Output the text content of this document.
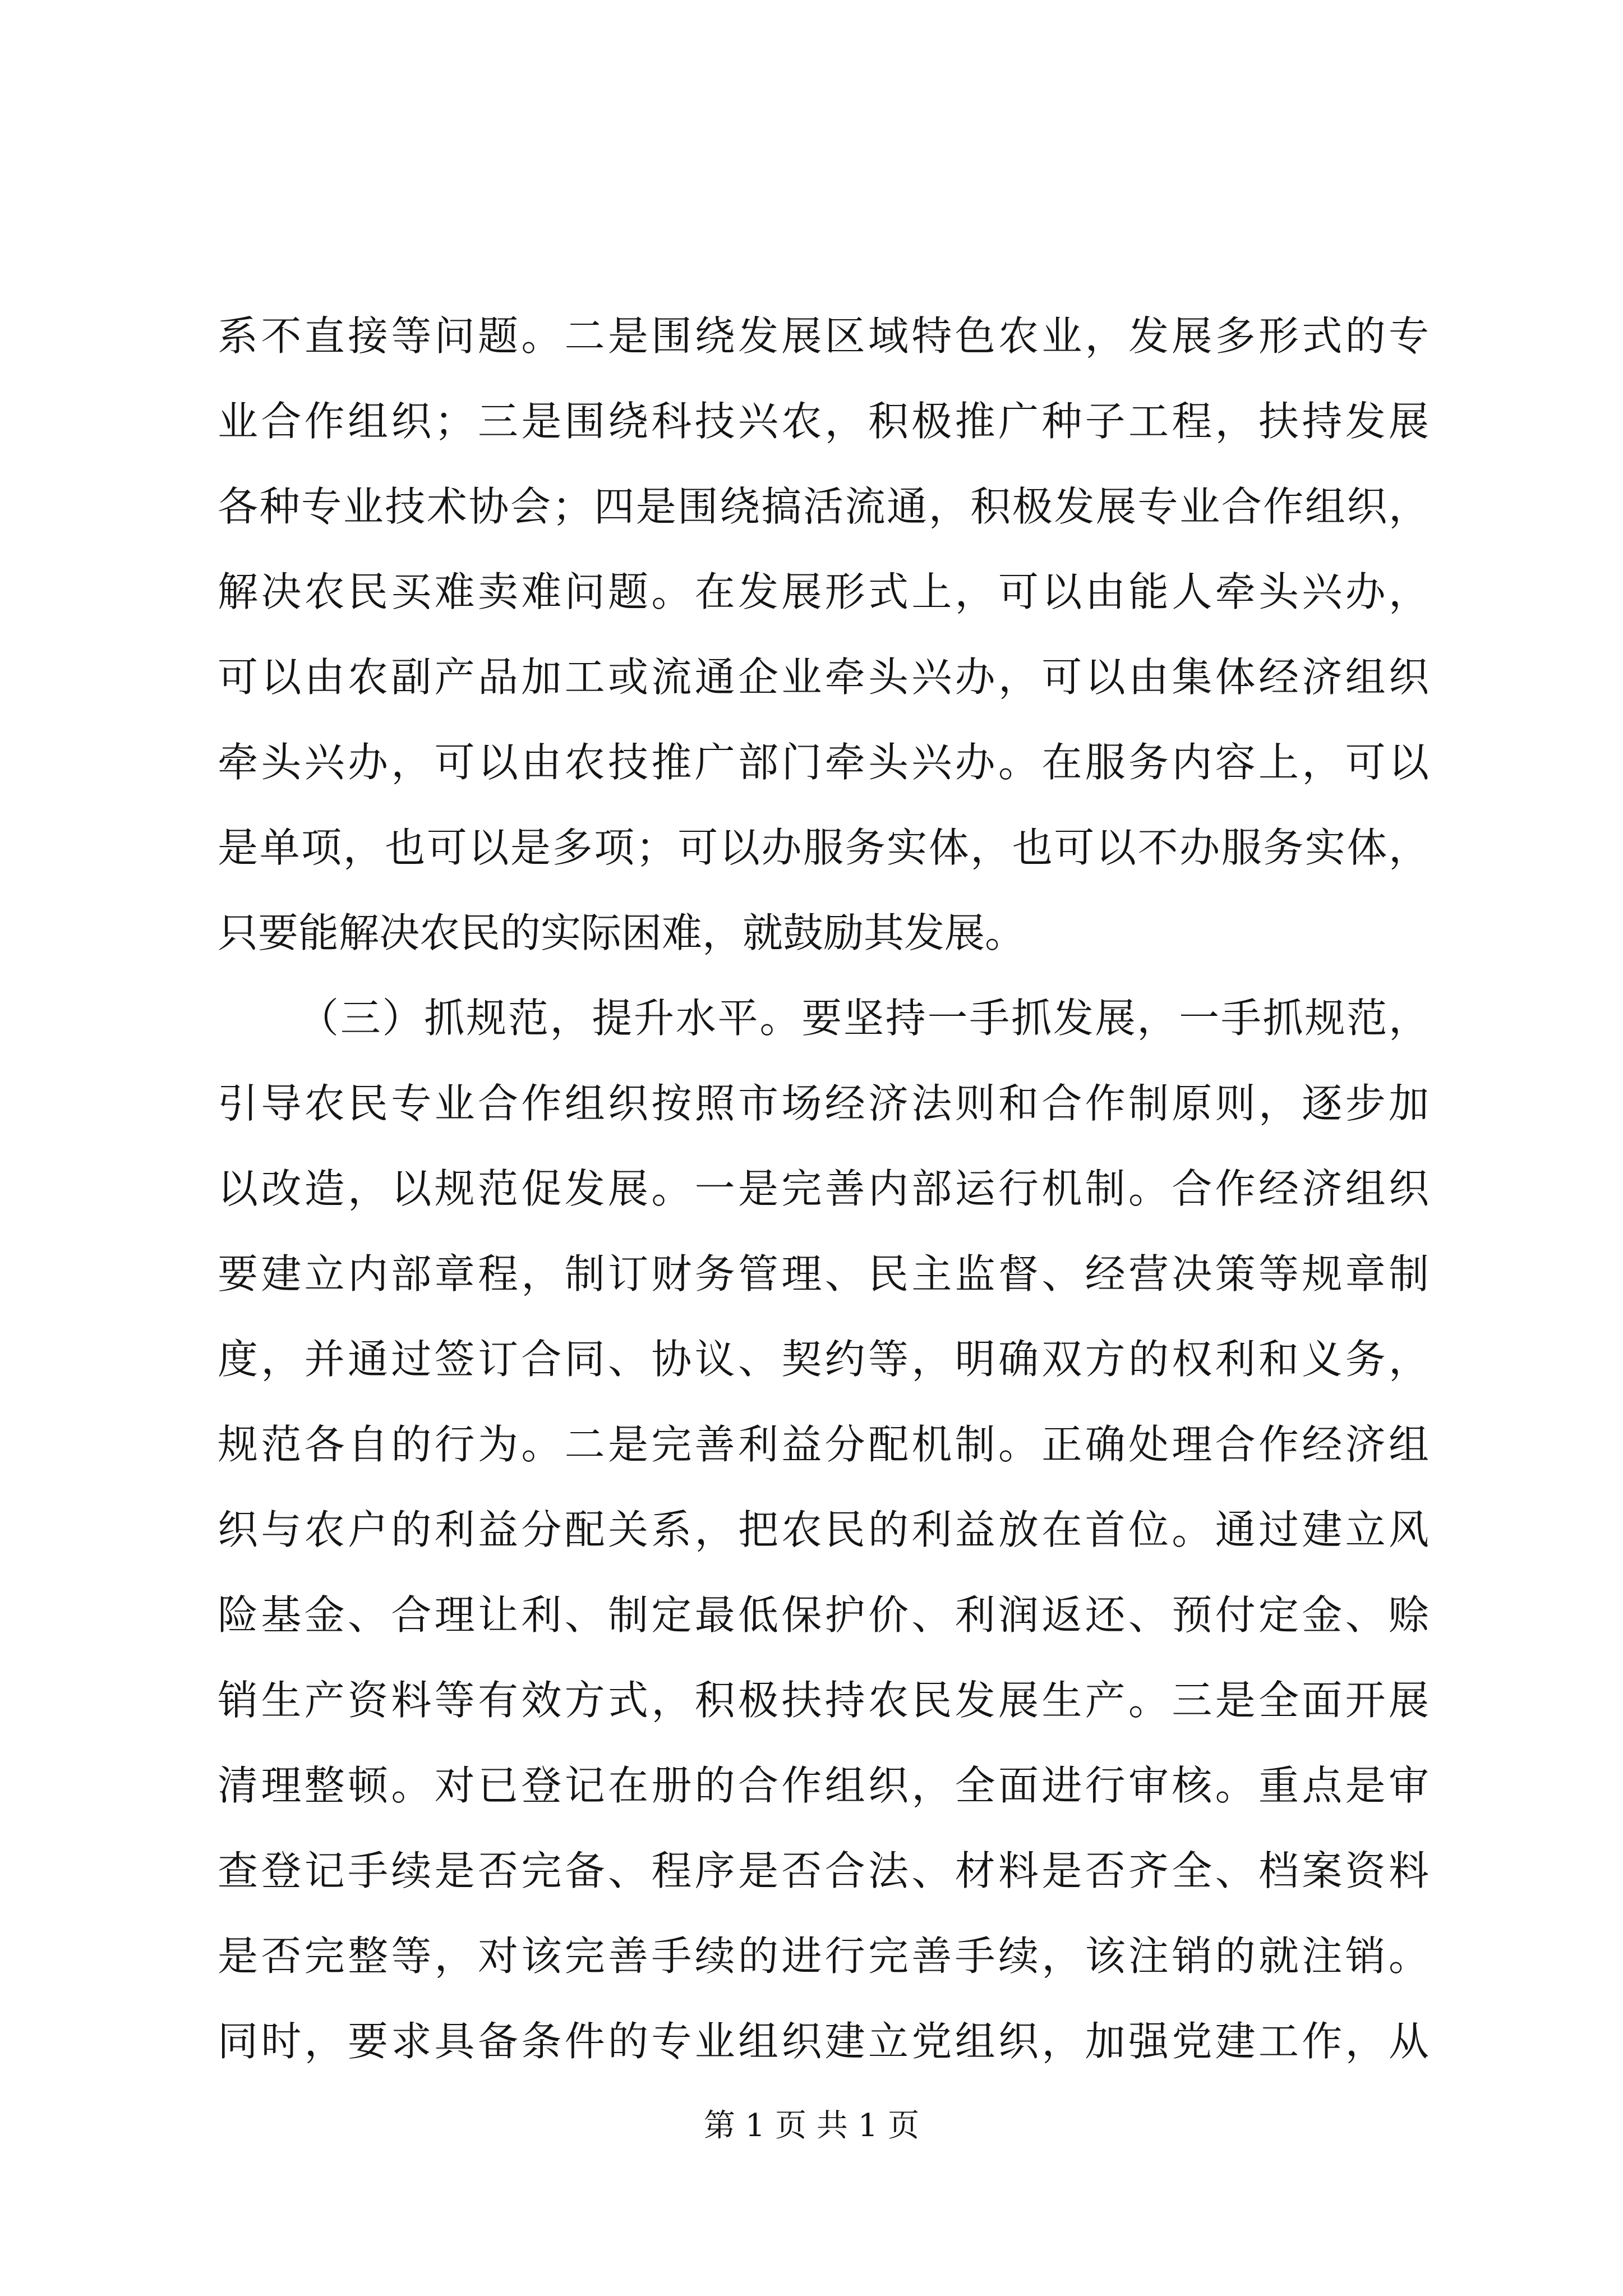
系不直接等问题。二是围绕发展区域特色农业，发展多形式的专
业合作组织；三是围绕科技兴农，积极推广种子工程，扶持发展
各种专业技术协会；四是围绕搞活流通，积极发展专业合作组织，
解决农民买难卖难问题。在发展形式上，可以由能人牵头兴办，
可以由农副产品加工或流通企业牵头兴办，可以由集体经济组织
牵头兴办，可以由农技推广部门牵头兴办。在服务内容上，可以
是单项，也可以是多项；可以办服务实体，也可以不办服务实体，
只要能解决农民的实际困难，就鼓励其发展。
（三）抓规范，提升水平。要坚持一手抓发展，一手抓规范，
引导农民专业合作组织按照市场经济法则和合作制原则，逐步加
以改造，以规范促发展。一是完善内部运行机制。合作经济组织
要建立内部章程，制订财务管理、民主监督、经营决策等规章制
度，并通过签订合同、协议、契约等，明确双方的权利和义务，
规范各自的行为。二是完善利益分配机制。正确处理合作经济组
织与农户的利益分配关系，把农民的利益放在首位。通过建立风
险基金、合理让利、制定最低保护价、利润返还、预付定金、赊
销生产资料等有效方式，积极扶持农民发展生产。三是全面开展
清理整顿。对已登记在册的合作组织，全面进行审核。重点是审
查登记手续是否完备、程序是否合法、材料是否齐全、档案资料
是否完整等，对该完善手续的进行完善手续，该注销的就注销。
同时，要求具备条件的专业组织建立党组织，加强党建工作，从
第 1 页 共 1 页
